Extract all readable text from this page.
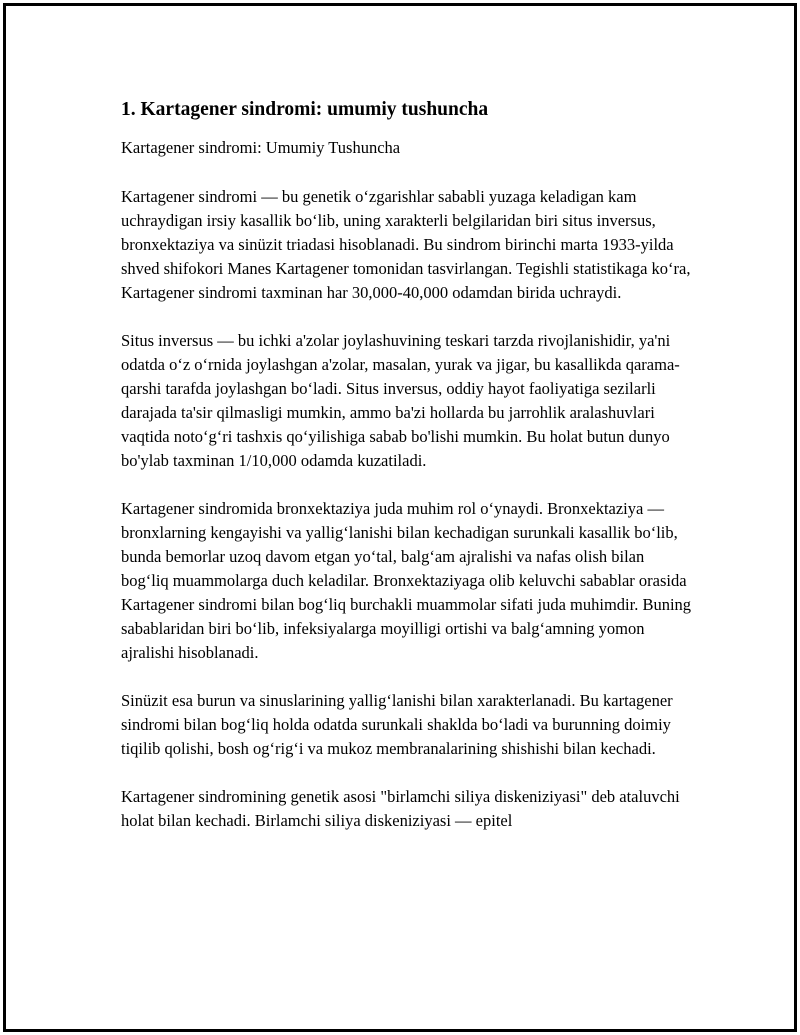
1. Kartagener sindromi: umumiy tushuncha

Kartagener sindromi: Umumiy Tushuncha

Kartagener sindromi — bu genetik o‘zgarishlar sababli yuzaga keladigan kam uchraydigan irsiy kasallik bo‘lib, uning xarakterli belgilaridan biri situs inversus, bronxektaziya va sinüzit triadasi hisoblanadi. Bu sindrom birinchi marta 1933-yilda shved shifokori Manes Kartagener tomonidan tasvirlangan. Tegishli statistikaga ko‘ra, Kartagener sindromi taxminan har 30,000-40,000 odamdan birida uchraydi.

Situs inversus — bu ichki a'zolar joylashuvining teskari tarzda rivojlanishidir, ya'ni odatda o‘z o‘rnida joylashgan a'zolar, masalan, yurak va jigar, bu kasallikda qarama-qarshi tarafda joylashgan bo‘ladi. Situs inversus, oddiy hayot faoliyatiga sezilarli darajada ta'sir qilmasligi mumkin, ammo ba'zi hollarda bu jarrohlik aralashuvlari vaqtida noto‘g‘ri tashxis qo‘yilishiga sabab bo'lishi mumkin. Bu holat butun dunyo bo'ylab taxminan 1/10,000 odamda kuzatiladi.

Kartagener sindromida bronxektaziya juda muhim rol o‘ynaydi. Bronxektaziya — bronxlarning kengayishi va yallig‘lanishi bilan kechadigan surunkali kasallik bo‘lib, bunda bemorlar uzoq davom etgan yo‘tal, balg‘am ajralishi va nafas olish bilan bog‘liq muammolarga duch keladilar. Bronxektaziyaga olib keluvchi sabablar orasida Kartagener sindromi bilan bog‘liq burchakli muammolar sifati juda muhimdir. Buning sabablaridan biri bo‘lib, infeksiyalarga moyilligi ortishi va balg‘amning yomon ajralishi hisoblanadi.

Sinüzit esa burun va sinuslarining yallig‘lanishi bilan xarakterlanadi. Bu kartagener sindromi bilan bog‘liq holda odatda surunkali shaklda bo‘ladi va burunning doimiy tiqilib qolishi, bosh og‘rig‘i va mukoz membranalarining shishishi bilan kechadi.

Kartagener sindromining genetik asosi "birlamchi siliya diskeniziyasi" deb ataluvchi holat bilan kechadi. Birlamchi siliya diskeniziyasi — epitel
